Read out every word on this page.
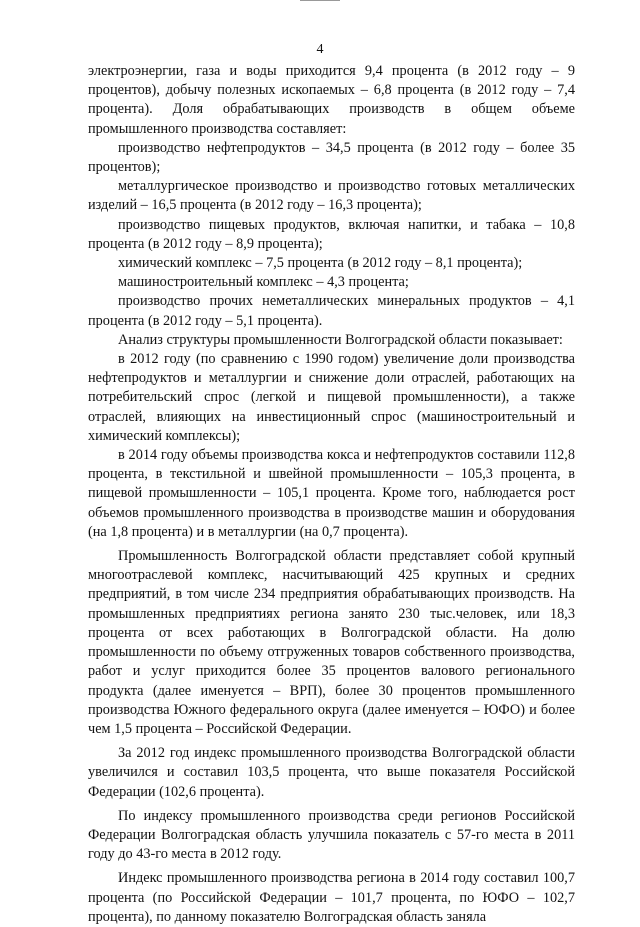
4

электроэнергии, газа и воды приходится 9,4 процента (в 2012 году – 9 процентов), добычу полезных ископаемых – 6,8 процента (в 2012 году – 7,4 процента). Доля обрабатывающих производств в общем объеме промышленного производства составляет:

производство нефтепродуктов – 34,5 процента (в 2012 году – более 35 процентов);

металлургическое производство и производство готовых металлических изделий – 16,5 процента (в 2012 году – 16,3 процента);

производство пищевых продуктов, включая напитки, и табака – 10,8 процента (в 2012 году – 8,9 процента);

химический комплекс – 7,5 процента (в 2012 году – 8,1 процента);

машиностроительный комплекс – 4,3 процента;

производство прочих неметаллических минеральных продуктов – 4,1 процента (в 2012 году – 5,1 процента).

Анализ структуры промышленности Волгоградской области показывает:

в 2012 году (по сравнению с 1990 годом) увеличение доли производства нефтепродуктов и металлургии и снижение доли отраслей, работающих на потребительский спрос (легкой и пищевой промышленности), а также отраслей, влияющих на инвестиционный спрос (машиностроительный и химический комплексы);

в 2014 году объемы производства кокса и нефтепродуктов составили 112,8 процента, в текстильной и швейной промышленности – 105,3 процента, в пищевой промышленности – 105,1 процента. Кроме того, наблюдается рост объемов промышленного производства в производстве машин и оборудования (на 1,8 процента) и в металлургии (на 0,7 процента).

Промышленность Волгоградской области представляет собой крупный многоотраслевой комплекс, насчитывающий 425 крупных и средних предприятий, в том числе 234 предприятия обрабатывающих производств. На промышленных предприятиях региона занято 230 тыс.человек, или 18,3 процента от всех работающих в Волгоградской области. На долю промышленности по объему отгруженных товаров собственного производства, работ и услуг приходится более 35 процентов валового регионального продукта (далее именуется – ВРП), более 30 процентов промышленного производства Южного федерального округа (далее именуется – ЮФО) и более чем 1,5 процента – Российской Федерации.

За 2012 год индекс промышленного производства Волгоградской области увеличился и составил 103,5 процента, что выше показателя Российской Федерации (102,6 процента).

По индексу промышленного производства среди регионов Российской Федерации Волгоградская область улучшила показатель с 57-го места в 2011 году до 43-го места в 2012 году.

Индекс промышленного производства региона в 2014 году составил 100,7 процента (по Российской Федерации – 101,7 процента, по ЮФО – 102,7 процента), по данному показателю Волгоградская область заняла
